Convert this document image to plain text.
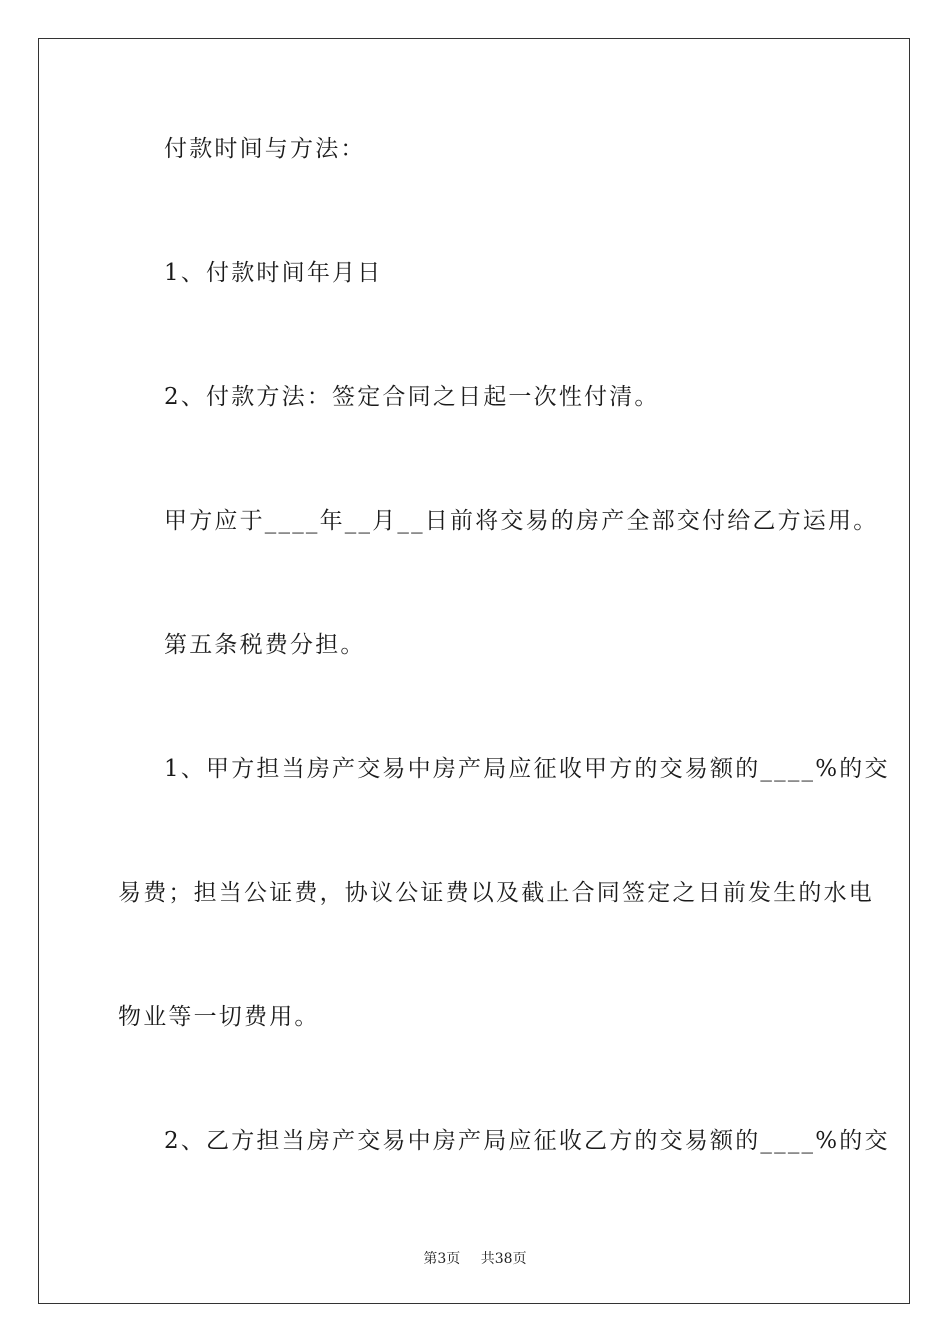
付款时间与方法：
1、付款时间年月日
2、付款方法：签定合同之日起一次性付清。
甲方应于____年__月__日前将交易的房产全部交付给乙方运用。
第五条税费分担。
1、甲方担当房产交易中房产局应征收甲方的交易额的____%的交
易费；担当公证费，协议公证费以及截止合同签定之日前发生的水电
物业等一切费用。
2、乙方担当房产交易中房产局应征收乙方的交易额的____%的交
第3页 共38页
